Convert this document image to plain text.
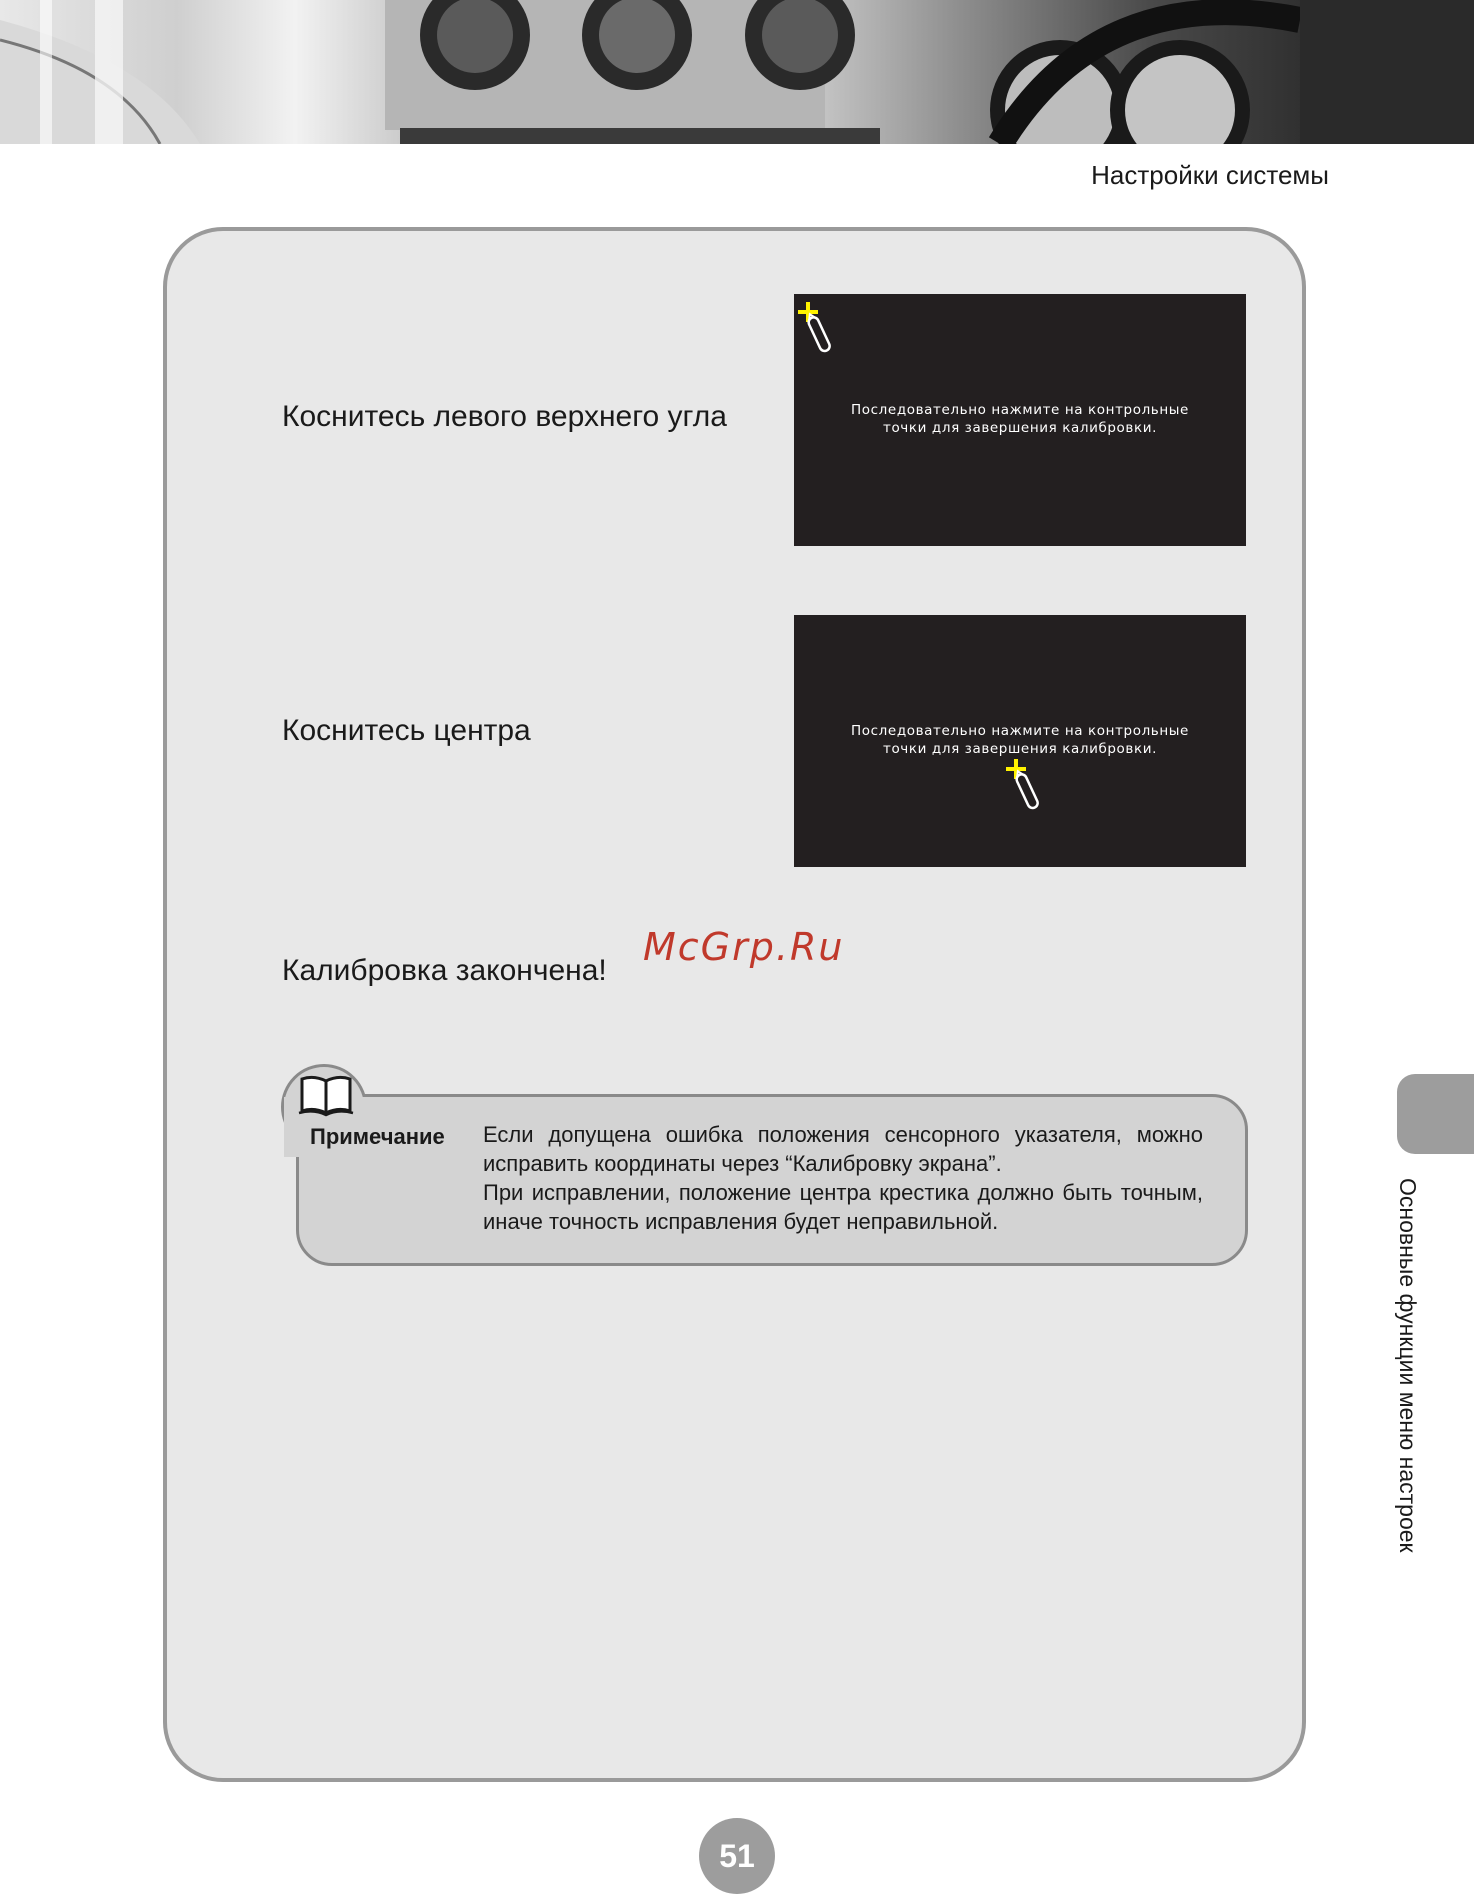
Настройки системы
Коснитесь левого верхнего угла	Последовательно нажмите на контрольные
точки для завершения калибровки.
Коснитесь центра	Последовательно нажмите на контрольные
точки для завершения калибровки.
Калибровка закончена!
McGrp.Ru
Примечание Если допущена ошибка положения сенсорного указателя, можно исправить координаты через “Калибровку экрана”.

При исправлении, положение центра крестика должно быть точным, иначе точность исправления будет неправильной.	Основные функции меню настроек
51
